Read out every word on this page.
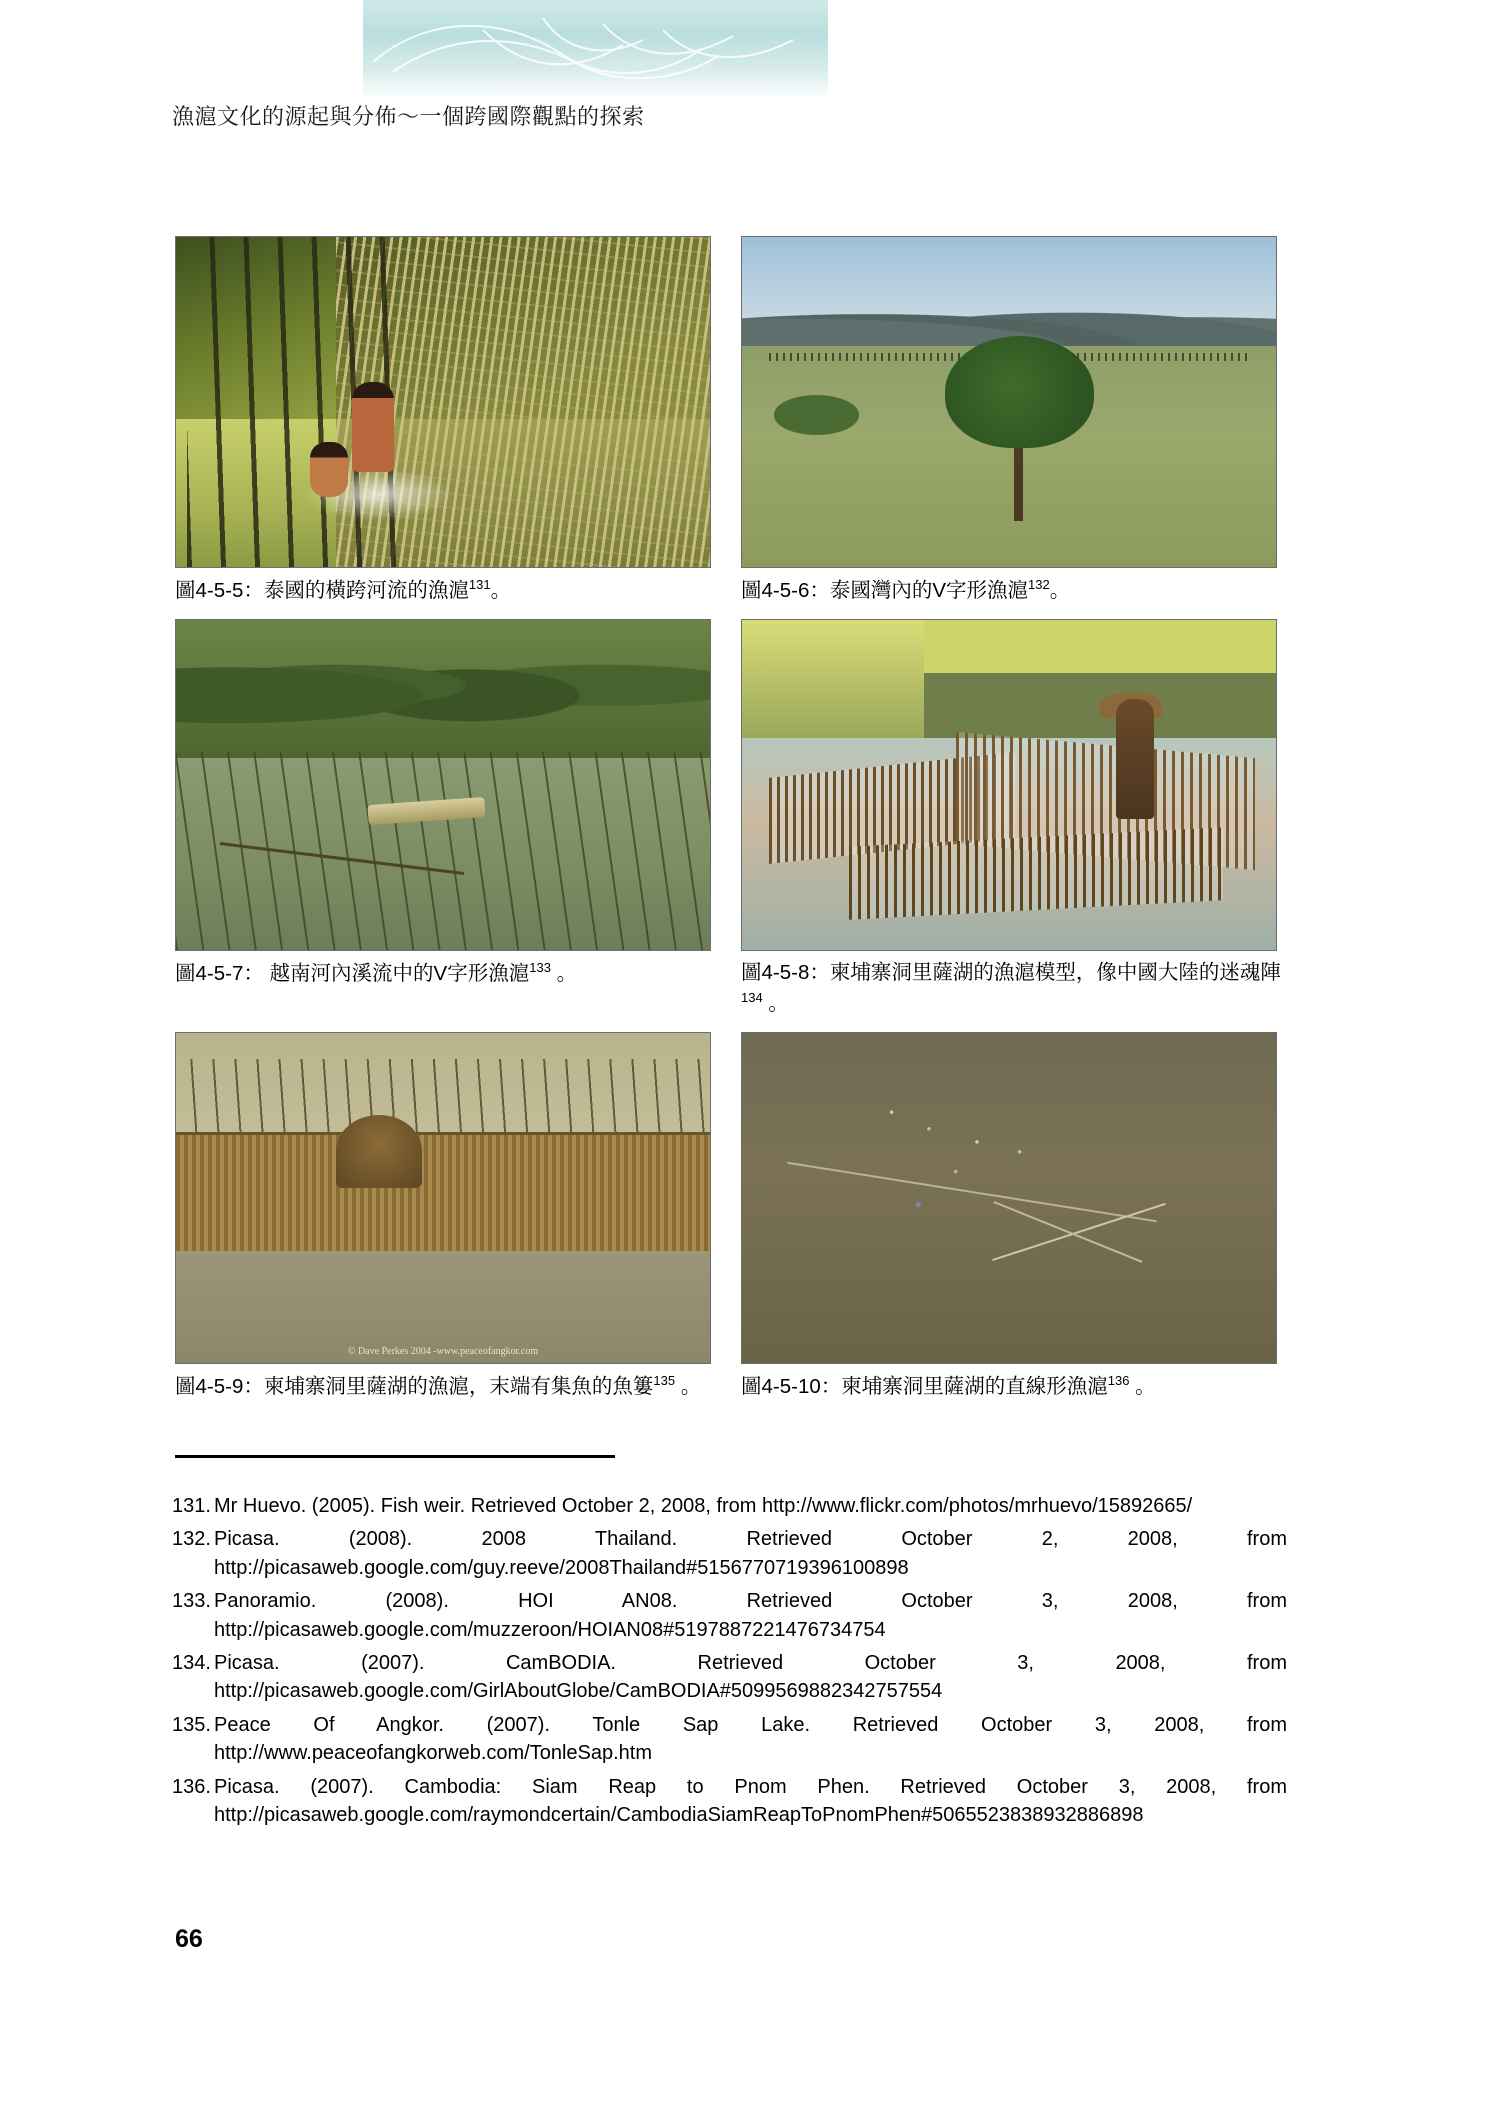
漁滬文化的源起與分佈～一個跨國際觀點的探索
圖4-5-5：泰國的橫跨河流的漁滬$^{131}$。	圖4-5-6：泰國灣內的V字形漁滬$^{132}$。
圖4-5-7： 越南河內溪流中的V字形漁滬$^{133}$ 。	圖4-5-8：柬埔寨洞里薩湖的漁滬模型，像中國大陸的迷魂陣$^{134}$ 。
© Dave Perkes 2004 -www.peaceofangkor.com
圖4-5-9：柬埔寨洞里薩湖的漁滬，末端有集魚的魚簍$^{135}$ 。	圖4-5-10：柬埔寨洞里薩湖的直線形漁滬$^{136}$ 。
131. Mr Huevo. (2005). Fish weir. Retrieved October 2, 2008, from http://www.flickr.com/photos/mrhuevo/15892665/
132. Picasa. (2008). 2008 Thailand. Retrieved October 2, 2008, from http://picasaweb.google.com/guy.reeve/2008Thailand#5156770719396100898
133. Panoramio. (2008). HOI AN08. Retrieved October 3, 2008, from http://picasaweb.google.com/muzzeroon/HOIAN08#5197887221476734754
134. Picasa. (2007). CamBODIA. Retrieved October 3, 2008, from http://picasaweb.google.com/GirlAboutGlobe/CamBODIA#5099569882342757554
135. Peace Of Angkor. (2007). Tonle Sap Lake. Retrieved October 3, 2008, from http://www.peaceofangkorweb.com/TonleSap.htm
136. Picasa. (2007). Cambodia: Siam Reap to Pnom Phen. Retrieved October 3, 2008, from http://picasaweb.google.com/raymondcertain/CambodiaSiamReapToPnomPhen#5065523838932886898
66
